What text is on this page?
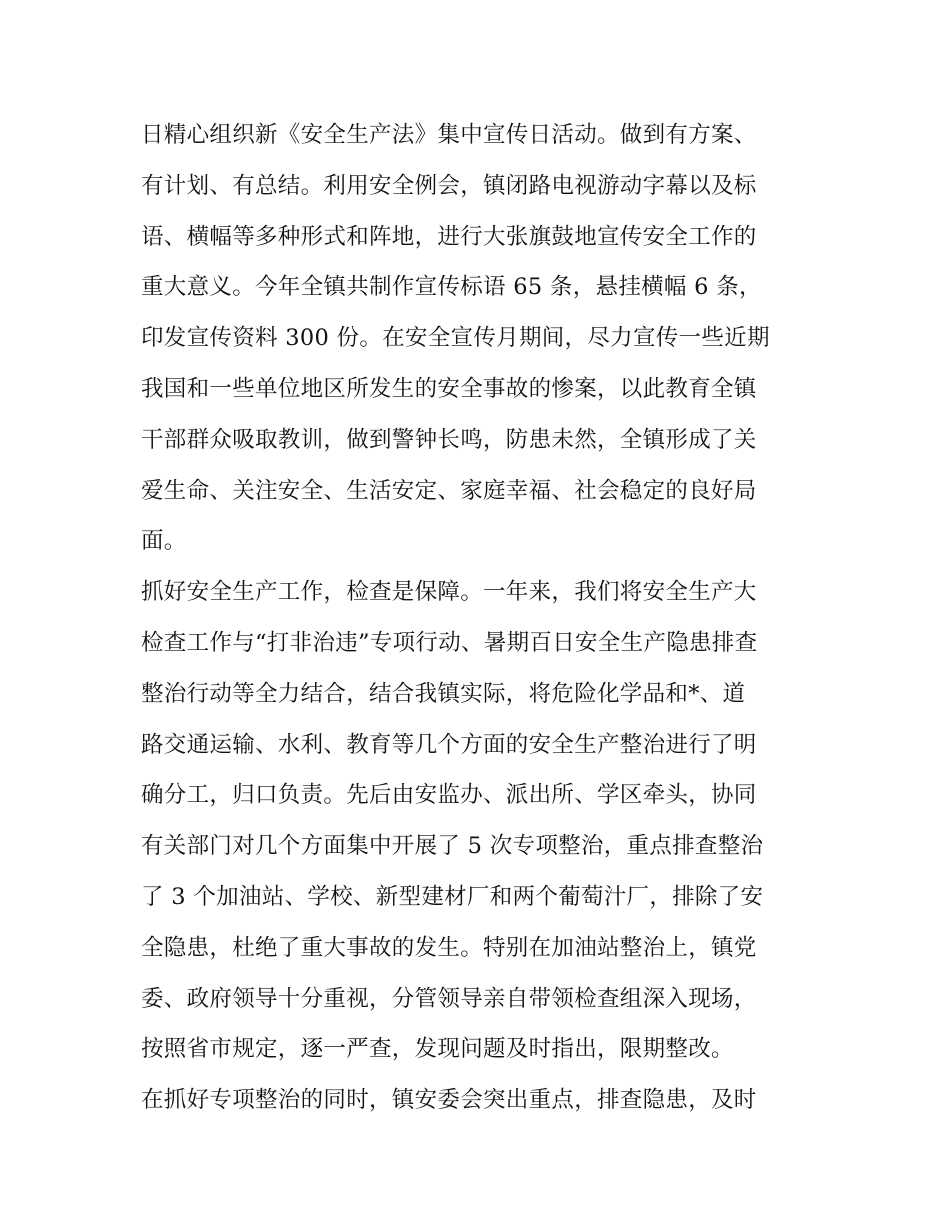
日精心组织新《安全生产法》集中宣传日活动。做到有方案、
有计划、有总结。利用安全例会，镇闭路电视游动字幕以及标
语、横幅等多种形式和阵地，进行大张旗鼓地宣传安全工作的
重大意义。今年全镇共制作宣传标语 65 条，悬挂横幅 6 条，
印发宣传资料 300 份。在安全宣传月期间，尽力宣传一些近期
我国和一些单位地区所发生的安全事故的惨案，以此教育全镇
干部群众吸取教训，做到警钟长鸣，防患未然，全镇形成了关
爱生命、关注安全、生活安定、家庭幸福、社会稳定的良好局
面。
抓好安全生产工作，检查是保障。一年来，我们将安全生产大
检查工作与“打非治违”专项行动、暑期百日安全生产隐患排查
整治行动等全力结合，结合我镇实际，将危险化学品和*、道
路交通运输、水利、教育等几个方面的安全生产整治进行了明
确分工，归口负责。先后由安监办、派出所、学区牵头，协同
有关部门对几个方面集中开展了 5 次专项整治，重点排查整治
了 3 个加油站、学校、新型建材厂和两个葡萄汁厂，排除了安
全隐患，杜绝了重大事故的发生。特别在加油站整治上，镇党
委、政府领导十分重视，分管领导亲自带领检查组深入现场，
按照省市规定，逐一严查，发现问题及时指出，限期整改。
在抓好专项整治的同时，镇安委会突出重点，排查隐患，及时
